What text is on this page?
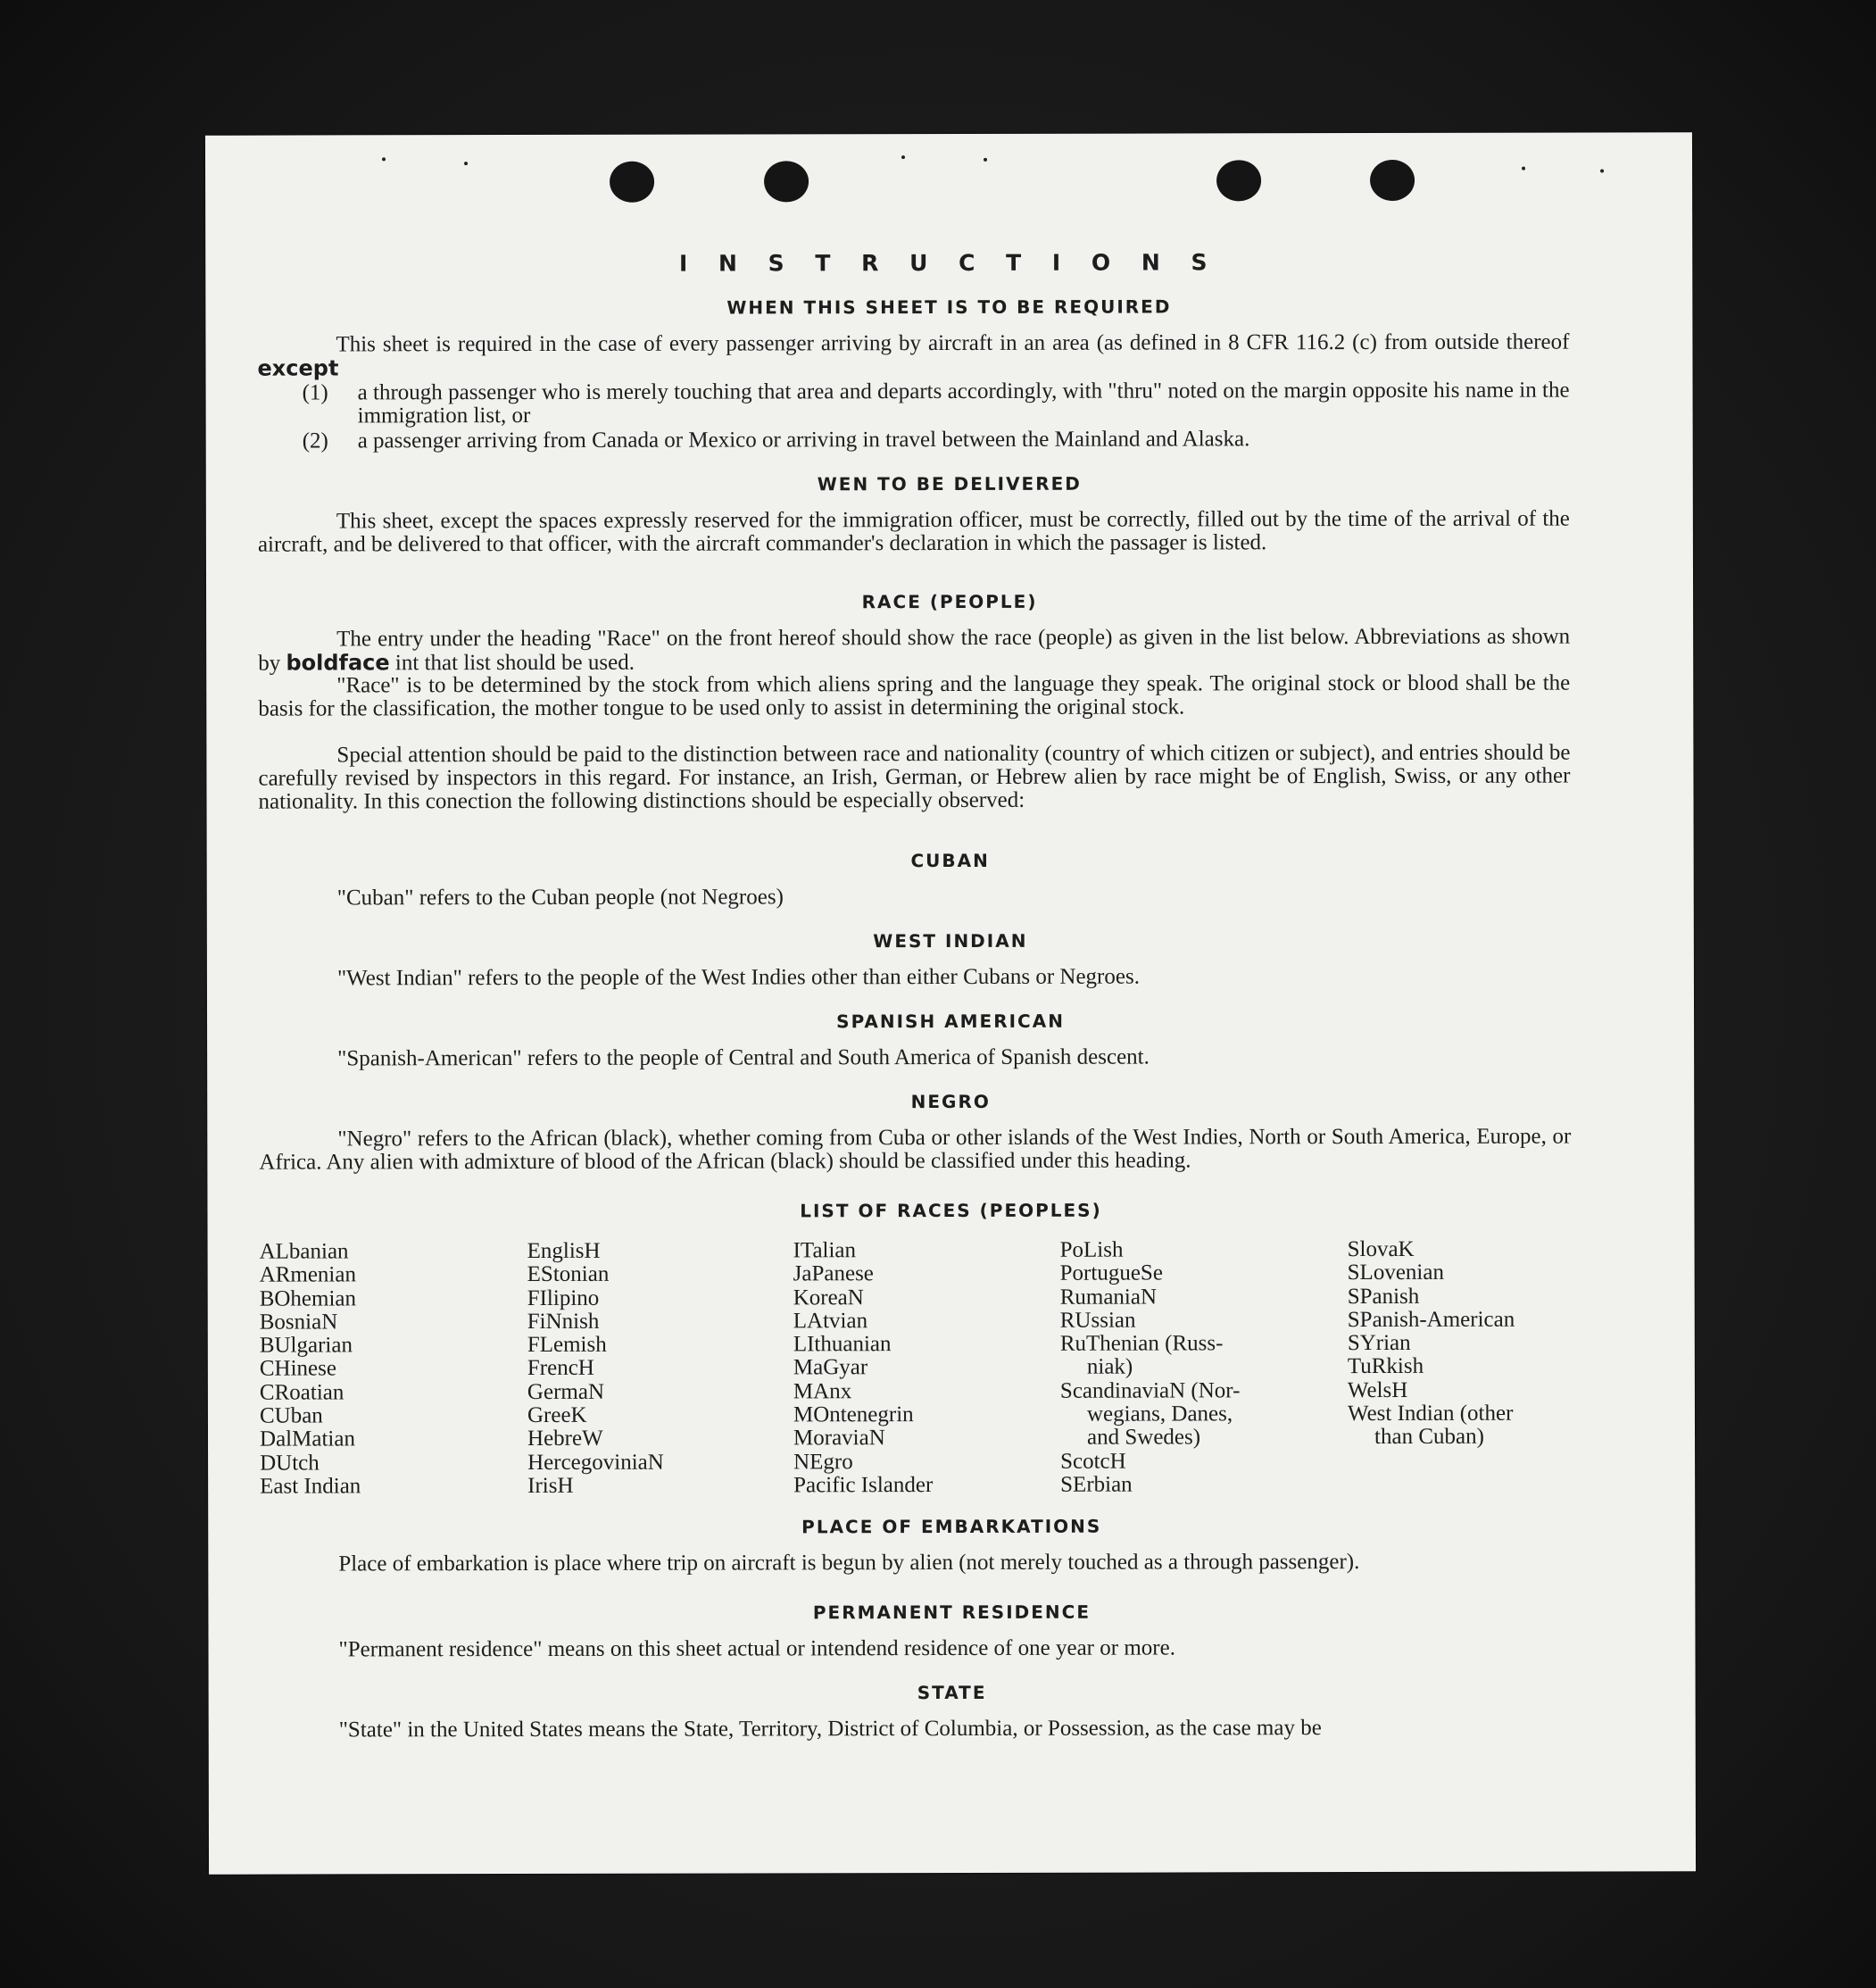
I N S T R U C T I O N S
WHEN THIS SHEET IS TO BE REQUIRED
This sheet is required in the case of every passenger arriving by aircraft in an area (as defined in 8 CFR 116.2 (c) from outside thereof except
(1) a through passenger who is merely touching that area and departs accordingly, with "thru" noted on the margin opposite his name in the immigration list, or
(2) a passenger arriving from Canada or Mexico or arriving in travel between the Mainland and Alaska.
WEN TO BE DELIVERED
This sheet, except the spaces expressly reserved for the immigration officer, must be correctly, filled out by the time of the arrival of the aircraft, and be delivered to that officer, with the aircraft commander's declaration in which the passager is listed.
RACE (PEOPLE)
The entry under the heading "Race" on the front hereof should show the race (people) as given in the list below. Abbreviations as shown by boldface int that list should be used.
"Race" is to be determined by the stock from which aliens spring and the language they speak. The original stock or blood shall be the basis for the classification, the mother tongue to be used only to assist in determining the original stock.
Special attention should be paid to the distinction between race and nationality (country of which citizen or subject), and entries should be carefully revised by inspectors in this regard. For instance, an Irish, German, or Hebrew alien by race might be of English, Swiss, or any other nationality. In this conection the following distinctions should be especially observed:
CUBAN
"Cuban" refers to the Cuban people (not Negroes)
WEST INDIAN
"West Indian" refers to the people of the West Indies other than either Cubans or Negroes.
SPANISH AMERICAN
"Spanish-American" refers to the people of Central and South America of Spanish descent.
NEGRO
"Negro" refers to the African (black), whether coming from Cuba or other islands of the West Indies, North or South America, Europe, or Africa. Any alien with admixture of blood of the African (black) should be classified under this heading.
LIST OF RACES (PEOPLES)
ALbanian
ARmenian
BOhemian
BosniaN
BUlgarian
CHinese
CRoatian
CUban
DalMatian
DUtch
East Indian
EnglisH
EStonian
FIlipino
FiNnish
FLemish
FrencH
GermaN
GreeK
HebreW
HercegoviniaN
IrisH
ITalian
JaPanese
KoreaN
LAtvian
LIthuanian
MaGyar
MAnx
MOntenegrin
MoraviaN
NEgro
Pacific Islander
PoLish
PortugueSe
RumaniaN
RUssian
RuThenian (Russ-
niak)
ScandinaviaN (Nor-
wegians, Danes,
and Swedes)
ScotcH
SErbian
SlovaK
SLovenian
SPanish
SPanish-American
SYrian
TuRkish
WelsH
West Indian (other
than Cuban)
PLACE OF EMBARKATIONS
Place of embarkation is place where trip on aircraft is begun by alien (not merely touched as a through passenger).
PERMANENT RESIDENCE
"Permanent residence" means on this sheet actual or intendend residence of one year or more.
STATE
"State" in the United States means the State, Territory, District of Columbia, or Possession, as the case may be
